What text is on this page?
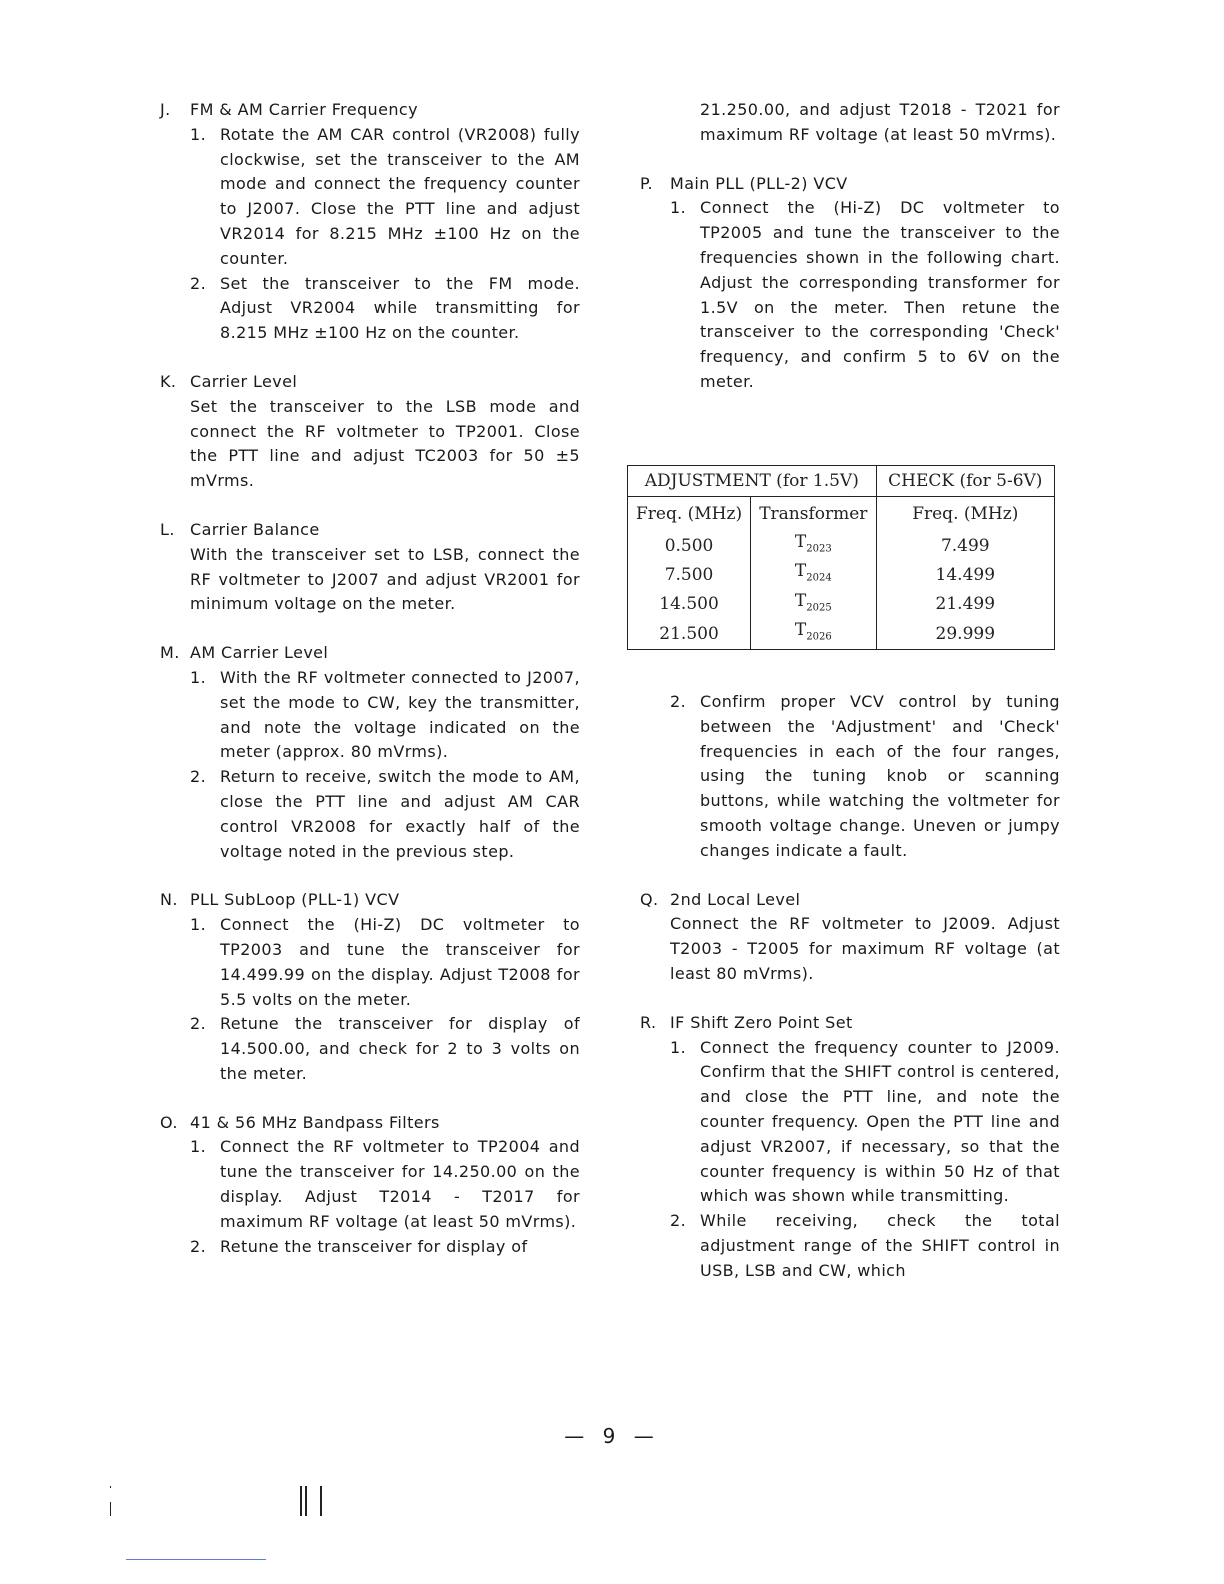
J.	FM & AM Carrier Frequency
1. Rotate the AM CAR control (VR2008) fully clockwise, set the transceiver to the AM mode and connect the frequency counter to J2007. Close the PTT line and adjust VR2014 for 8.215 MHz ±100 Hz on the counter.
2. Set the transceiver to the FM mode. Adjust VR2004 while transmitting for 8.215 MHz ±100 Hz on the counter.
K. Carrier Level
Set the transceiver to the LSB mode and connect the RF voltmeter to TP2001. Close the PTT line and adjust TC2003 for 50 ±5 mVrms.
L. Carrier Balance
With the transceiver set to LSB, connect the RF voltmeter to J2007 and adjust VR2001 for minimum voltage on the meter.
M. AM Carrier Level
1. With the RF voltmeter connected to J2007, set the mode to CW, key the transmitter, and note the voltage indicated on the meter (approx. 80 mVrms).
2. Return to receive, switch the mode to AM, close the PTT line and adjust AM CAR control VR2008 for exactly half of the voltage noted in the previous step.
N. PLL SubLoop (PLL-1) VCV
1. Connect the (Hi-Z) DC voltmeter to TP2003 and tune the transceiver for 14.499.99 on the display. Adjust T2008 for 5.5 volts on the meter.
2. Retune the transceiver for display of 14.500.00, and check for 2 to 3 volts on the meter.
O. 41 & 56 MHz Bandpass Filters
1. Connect the RF voltmeter to TP2004 and tune the transceiver for 14.250.00 on the display. Adjust T2014 - T2017 for maximum RF voltage (at least 50 mVrms).
2. Retune the transceiver for display of
21.250.00, and adjust T2018 - T2021 for maximum RF voltage (at least 50 mVrms).
P.	Main PLL (PLL-2) VCV
1. Connect the (Hi-Z) DC voltmeter to TP2005 and tune the transceiver to the frequencies shown in the following chart. Adjust the corresponding transformer for 1.5V on the meter. Then retune the transceiver to the corresponding 'Check' frequency, and confirm 5 to 6V on the meter.
ADJUSTMENT (for 1.5V)		CHECK (for 5-6V)
Freq. (MHz)	Transformer	Freq. (MHz)
0.500	$T_{2023}$	7.499
7.500	$T_{2024}$	14.499
14.500	$T_{2025}$	21.499
21.500	$T_{2026}$	29.999
2. Confirm proper VCV control by tuning between the 'Adjustment' and 'Check' frequencies in each of the four ranges, using the tuning knob or scanning buttons, while watching the voltmeter for smooth voltage change. Uneven or jumpy changes indicate a fault.
Q. 2nd Local Level
Connect the RF voltmeter to J2009. Adjust T2003 - T2005 for maximum RF voltage (at least 80 mVrms).
R. IF Shift Zero Point Set
1. Connect the frequency counter to J2009. Confirm that the SHIFT control is centered, and close the PTT line, and note the counter frequency. Open the PTT line and adjust VR2007, if necessary, so that the counter frequency is within 50 Hz of that which was shown while transmitting.
2. While receiving, check the total adjustment range of the SHIFT control in USB, LSB and CW, which
— 9 —
